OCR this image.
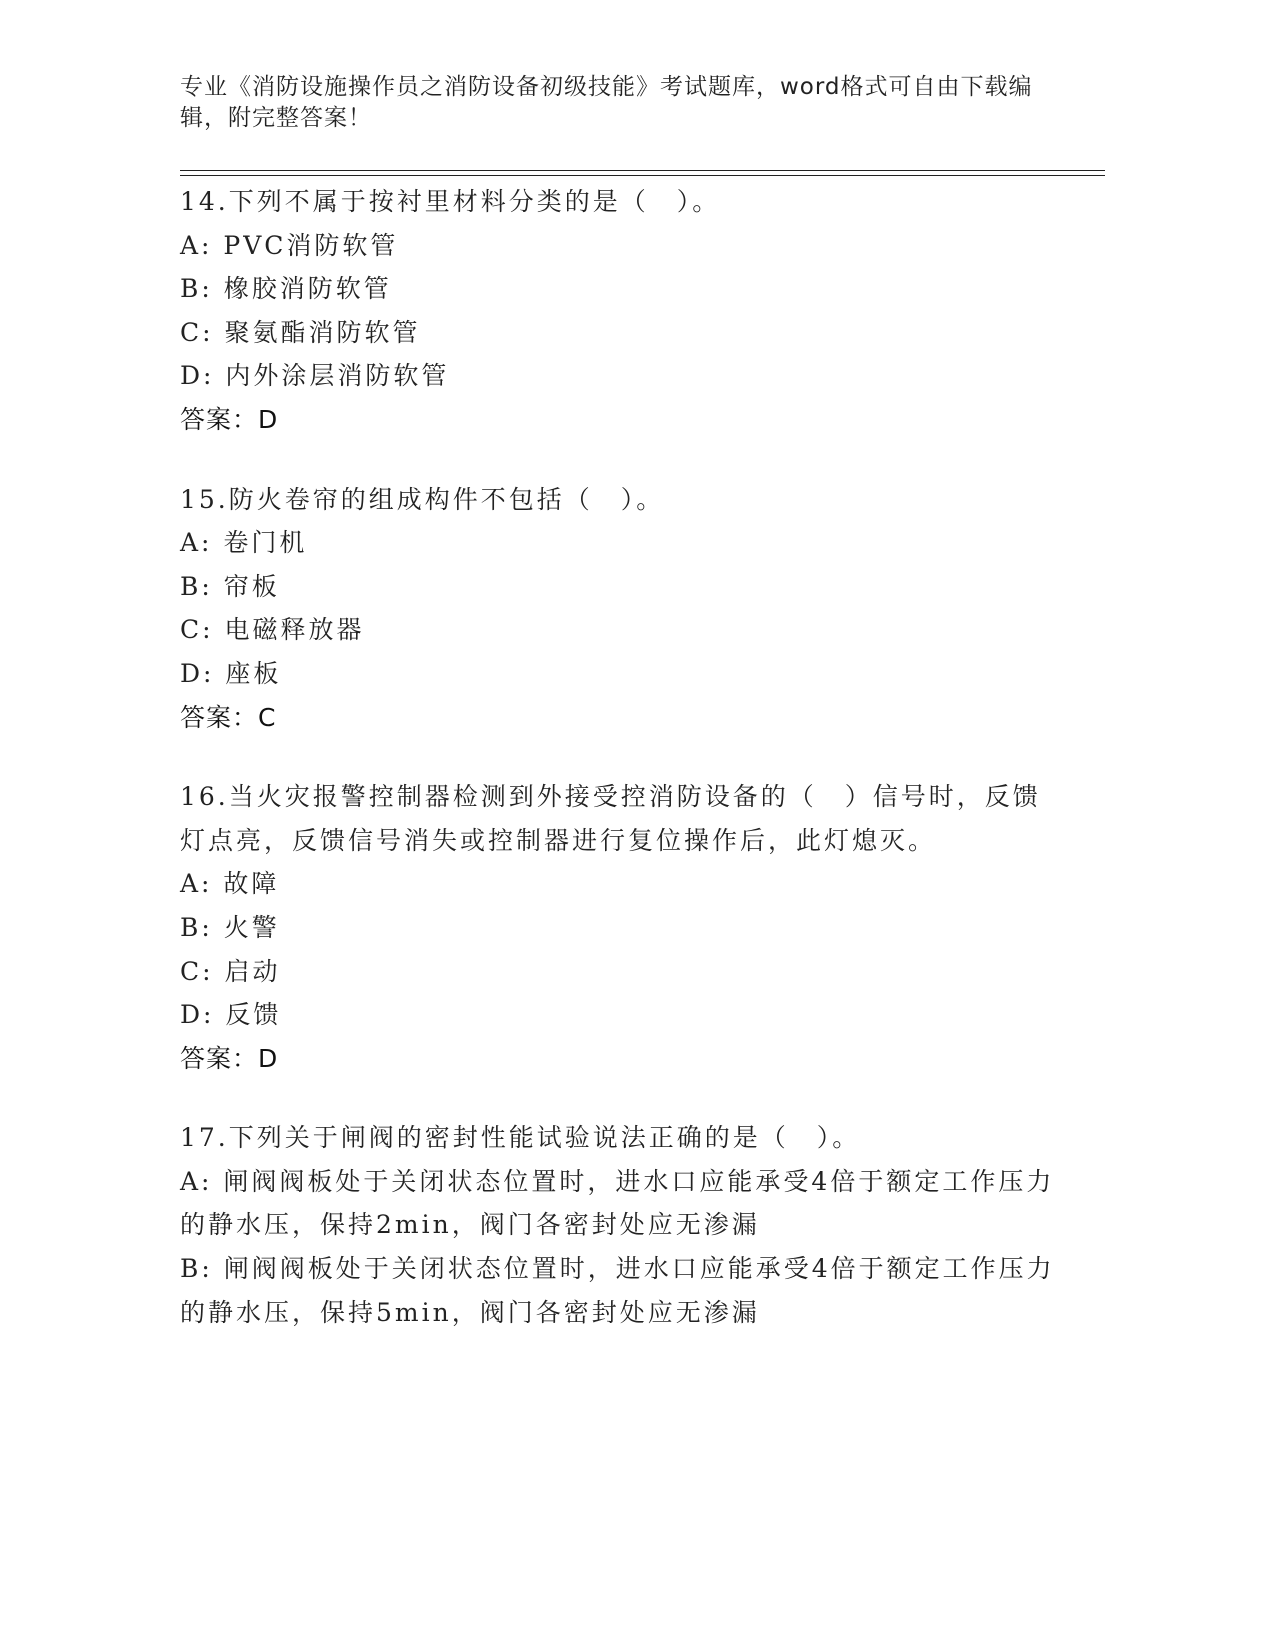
专业《消防设施操作员之消防设备初级技能》考试题库，word格式可自由下载编辑，附完整答案！
14.下列不属于按衬里材料分类的是（　）。
A: PVC消防软管
B: 橡胶消防软管
C: 聚氨酯消防软管
D: 内外涂层消防软管
答案：D
15.防火卷帘的组成构件不包括（　）。
A: 卷门机
B: 帘板
C: 电磁释放器
D: 座板
答案：C
16.当火灾报警控制器检测到外接受控消防设备的（　）信号时，反馈灯点亮，反馈信号消失或控制器进行复位操作后，此灯熄灭。
A: 故障
B: 火警
C: 启动
D: 反馈
答案：D
17.下列关于闸阀的密封性能试验说法正确的是（　）。
A: 闸阀阀板处于关闭状态位置时，进水口应能承受4倍于额定工作压力的静水压，保持2min，阀门各密封处应无渗漏
B: 闸阀阀板处于关闭状态位置时，进水口应能承受4倍于额定工作压力的静水压，保持5min，阀门各密封处应无渗漏
